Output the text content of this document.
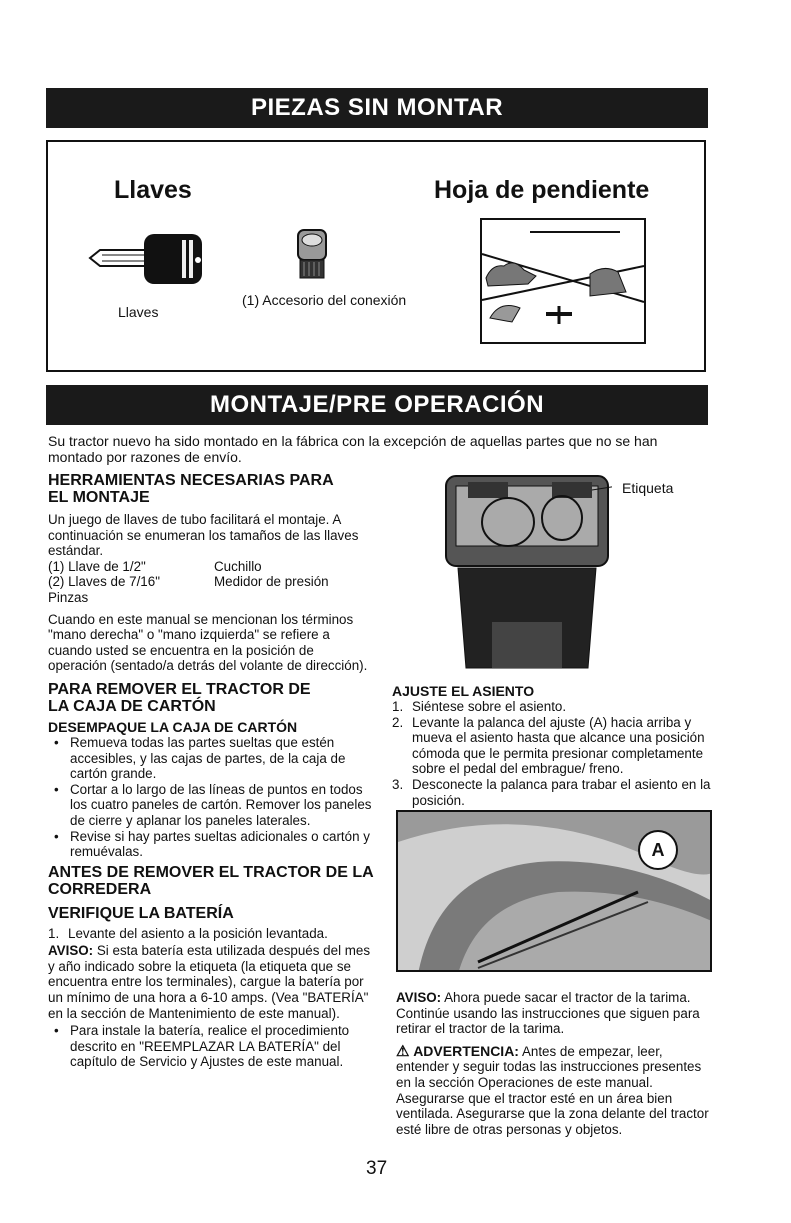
PIEZAS SIN MONTAR
Llaves	Hoja de pendiente
Llaves
(1) Accesorio del conexión
MONTAJE/PRE OPERACIÓN
Su tractor nuevo ha sido montado en la fábrica con la excepción de aquellas partes que no se han montado por razones de envío.

HERRAMIENTAS NECESARIAS PARA EL MONTAJE

Un juego de llaves de tubo facilitará el montaje. A continuación se enumeran los tamaños de las llaves estándar.

(1) Llave de 1/2"	Cuchillo
(2) Llaves de 7/16"	Medidor de presión

Pinzas

Cuando en este manual se mencionan los términos "mano derecha" o "mano izquierda" se refiere a cuando usted se encuentra en la posición de operación (sentado/a detrás del volante de dirección).

PARA REMOVER EL TRACTOR DE LA CAJA DE CARTÓN

DESEMPAQUE LA CAJA DE CARTÓN

• Remueva todas las partes sueltas que estén accesibles, y las cajas de partes, de la caja de cartón grande.

• Cortar a lo largo de las líneas de puntos en todos los cuatro paneles de cartón. Remover los paneles de cierre y aplanar los paneles laterales.

• Revise si hay partes sueltas adicionales o cartón y remuévalas.

ANTES DE REMOVER EL TRACTOR DE LA CORREDERA

VERIFIQUE LA BATERÍA

1. Levante del asiento a la posición levantada.

AVISO: Si esta batería esta utilizada después del mes y año indicado sobre la etiqueta (la etiqueta que se encuentra entre los terminales), cargue la batería por un mínimo de una hora a 6-10 amps. (Vea "BATERÍA" en la sección de Mantenimiento de este manual).

• Para instale la batería, realice el procedimiento descrito en "REEMPLAZAR LA BATERÍA" del capítulo de Servicio y Ajustes de este manual.

Etiqueta

AJUSTE EL ASIENTO

1. Siéntese sobre el asiento.

2. Levante la palanca del ajuste (A) hacia arriba y mueva el asiento hasta que alcance una posición cómoda que le permita presionar completamente sobre el pedal del embrague/ freno.

3. Desconecte la palanca para trabar el asiento en la posición.

A

AVISO: Ahora puede sacar el tractor de la tarima. Continúe usando las instrucciones que siguen para retirar el tractor de la tarima.

⚠ ADVERTENCIA: Antes de empezar, leer, entender y seguir todas las instrucciones presentes en la sección Operaciones de este manual. Asegurarse que el tractor esté en un área bien ventilada. Asegurarse que la zona delante del tractor esté libre de otras personas y objetos.

37
